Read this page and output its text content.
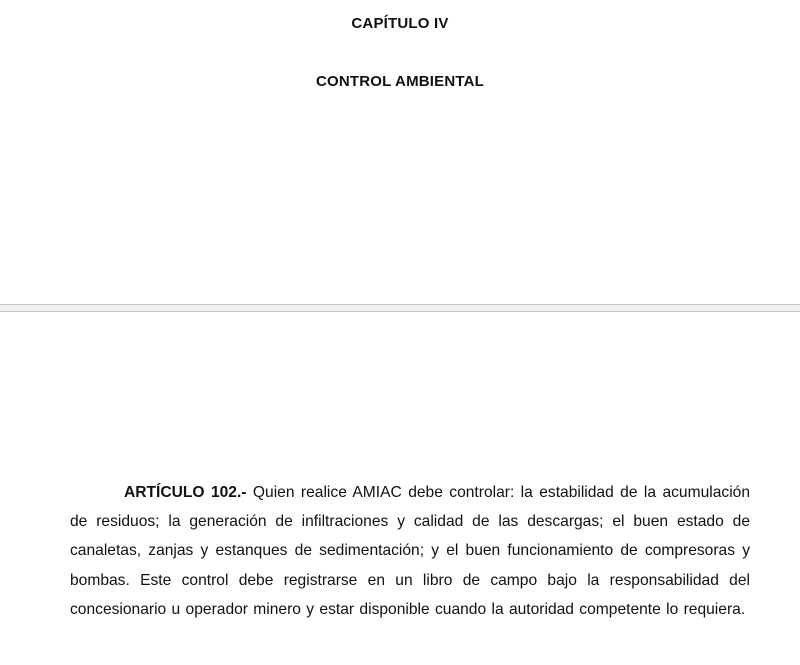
CAPÍTULO IV
CONTROL AMBIENTAL
ARTÍCULO 102.- Quien realice AMIAC debe controlar: la estabilidad de la acumulación de residuos; la generación de infiltraciones y calidad de las descargas; el buen estado de canaletas, zanjas y estanques de sedimentación; y el buen funcionamiento de compresoras y bombas. Este control debe registrarse en un libro de campo bajo la responsabilidad del concesionario u operador minero y estar disponible cuando la autoridad competente lo requiera.
